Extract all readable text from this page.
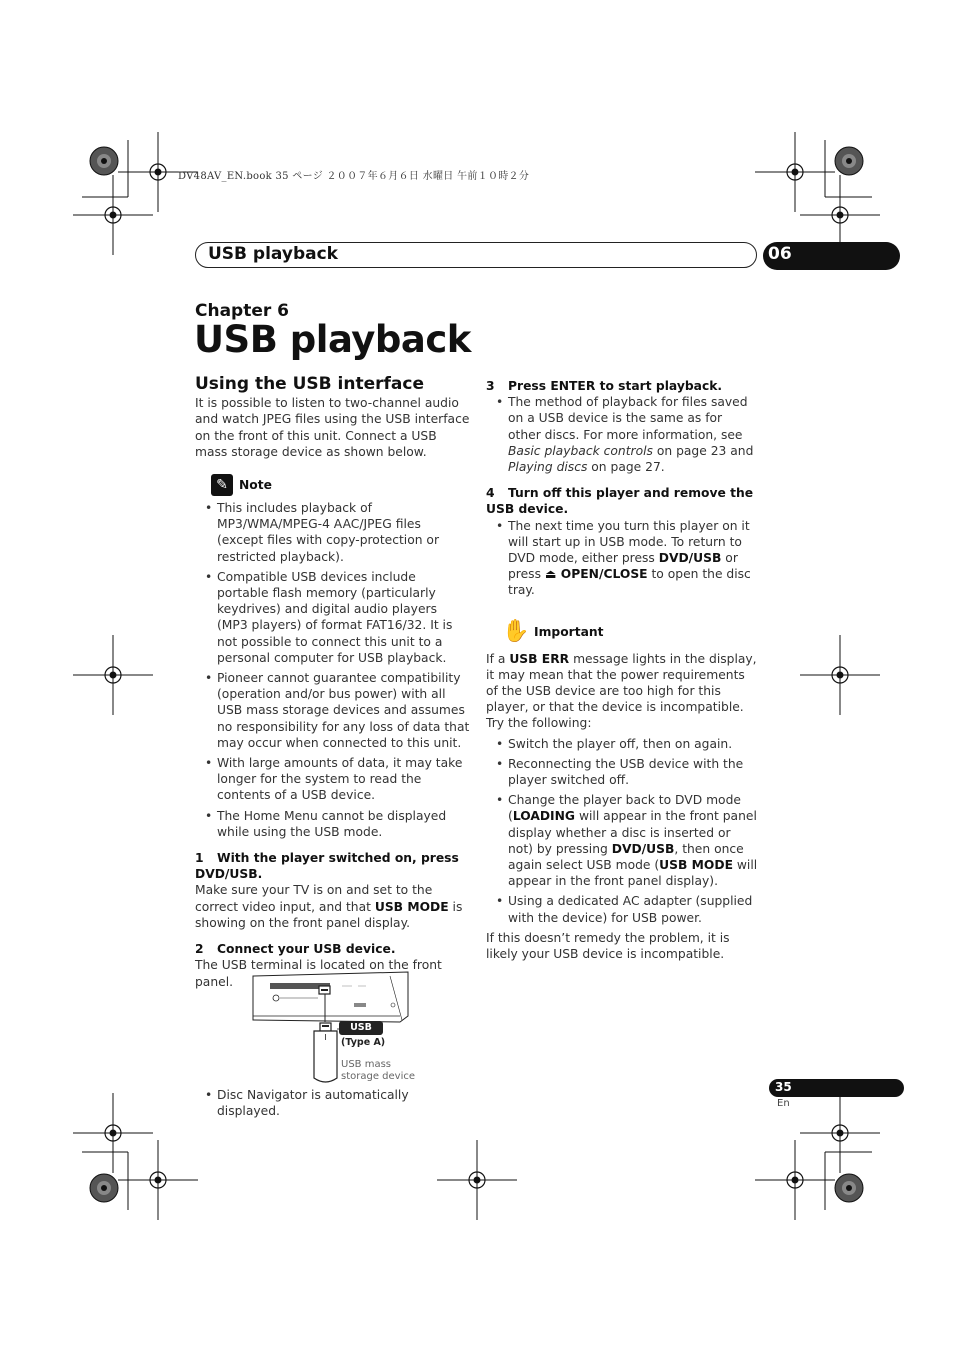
DV48AV_EN.book 35 ページ ２００７年６月６日 水曜日 午前１０時２分
USB playback	06
Chapter 6
USB playback
Using the USB interface

It is possible to listen to two-channel audio and watch JPEG files using the USB interface on the front of this unit. Connect a USB mass storage device as shown below.

✎ Note
• This includes playback of MP3/WMA/MPEG-4 AAC/JPEG files (except files with copy-protection or restricted playback).
• Compatible USB devices include portable flash memory (particularly keydrives) and digital audio players (MP3 players) of format FAT16/32. It is not possible to connect this unit to a personal computer for USB playback.
• Pioneer cannot guarantee compatibility (operation and/or bus power) with all USB mass storage devices and assumes no responsibility for any loss of data that may occur when connected to this unit.
• With large amounts of data, it may take longer for the system to read the contents of a USB device.
• The Home Menu cannot be displayed while using the USB mode.
1 With the player switched on, press DVD/USB.

Make sure your TV is on and set to the correct video input, and that USB MODE is showing on the front panel display.

2 Connect your USB device.

The USB terminal is located on the front panel.

USB
(Type A)
USB mass
storage device
• Disc Navigator is automatically displayed.
3 Press ENTER to start playback.
• The method of playback for files saved on a USB device is the same as for other discs. For more information, see Basic playback controls on page 23 and Playing discs on page 27.
4 Turn off this player and remove the USB device.
• The next time you turn this player on it will start up in USB mode. To return to DVD mode, either press DVD/USB or press ⏏ OPEN/CLOSE to open the disc tray.
✋ Important

If a USB ERR message lights in the display, it may mean that the power requirements of the USB device are too high for this player, or that the device is incompatible. Try the following:

• Switch the player off, then on again.
• Reconnecting the USB device with the player switched off.
• Change the player back to DVD mode (LOADING will appear in the front panel display whether a disc is inserted or not) by pressing DVD/USB, then once again select USB mode (USB MODE will appear in the front panel display).
• Using a dedicated AC adapter (supplied with the device) for USB power.

If this doesn’t remedy the problem, it is likely your USB device is incompatible.

35
En
